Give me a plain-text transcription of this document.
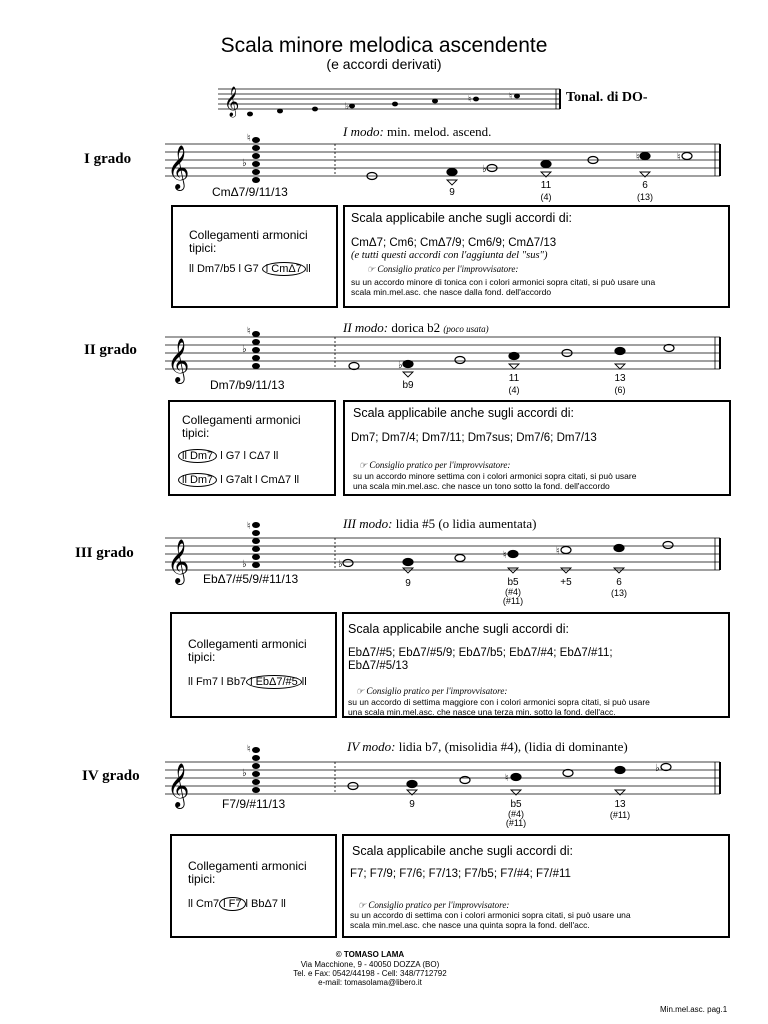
Scala minore melodica ascendente
(e accordi derivati)
Tonal. di DO-
𝄞
𝄞
𝄞
𝄞
𝄞
♭
♮	♮
♭
♮
♭
♮
♭
♮
♭
♮
♭
♮	♮
♭
♭
♮	♮
♮
♭
I grado
I modo: min. melod. ascend.
CmΔ7/9/11/13	9
11
(4)
6
(13)
Collegamenti armonici tipici:
ll Dm7/b5 l G7 l CmΔ7 ll
Scala applicabile anche sugli accordi di:
CmΔ7; Cm6; CmΔ7/9; Cm6/9; CmΔ7/13
(e tutti questi accordi con l'aggiunta del "sus")
☞ Consiglio pratico per l'improvvisatore:
su un accordo minore di tonica con i colori armonici sopra citati, si può usare una
scala min.mel.asc. che nasce dalla fond. dell'accordo
II grado
II modo: dorica b2 (poco usata)
Dm7/b9/11/13	b9
11
(4)
13
(6)
Collegamenti armonici tipici:
ll Dm7 l G7 l CΔ7 ll
ll Dm7 l G7alt l CmΔ7 ll
Scala applicabile anche sugli accordi di:
Dm7; Dm7/4; Dm7/11; Dm7sus; Dm7/6; Dm7/13
☞ Consiglio pratico per l'improvvisatore:
su un accordo minore settima con i colori armonici sopra citati, si può usare
una scala min.mel.asc. che nasce un tono sotto la fond. dell'accordo
III grado
III modo: lidia #5 (o lidia aumentata)
EbΔ7/#5/9/#11/13	9	b5
(#4)
(#11)
+5	6
(13)
Collegamenti armonici tipici:
ll Fm7 l Bb7 l EbΔ7/#5 ll
Scala applicabile anche sugli accordi di:
EbΔ7/#5; EbΔ7/#5/9; EbΔ7/b5; EbΔ7/#4; EbΔ7/#11;
EbΔ7/#5/13
☞ Consiglio pratico per l'improvvisatore:
su un accordo di settima maggiore con i colori armonici sopra citati, si può usare
una scala min.mel.asc. che nasce una terza min. sotto la fond. dell'acc.
IV grado
IV modo: lidia b7, (misolidia #4), (lidia di dominante)
F7/9/#11/13	9	b5
(#4)
(#11)
13
(#11)
Collegamenti armonici tipici:
ll Cm7 l F7 l BbΔ7 ll
Scala applicabile anche sugli accordi di:
F7; F7/9; F7/6; F7/13; F7/b5; F7/#4; F7/#11
☞ Consiglio pratico per l'improvvisatore:
su un accordo di settima con i colori armonici sopra citati, si può usare una
scala min.mel.asc. che nasce una quinta sopra la fond. dell'acc.
© TOMASO LAMA
Via Macchione, 9 - 40050 DOZZA (BO)
Tel. e Fax: 0542/44198 - Cell: 348/7712792
e-mail: tomasolama@libero.it
Min.mel.asc. pag.1
